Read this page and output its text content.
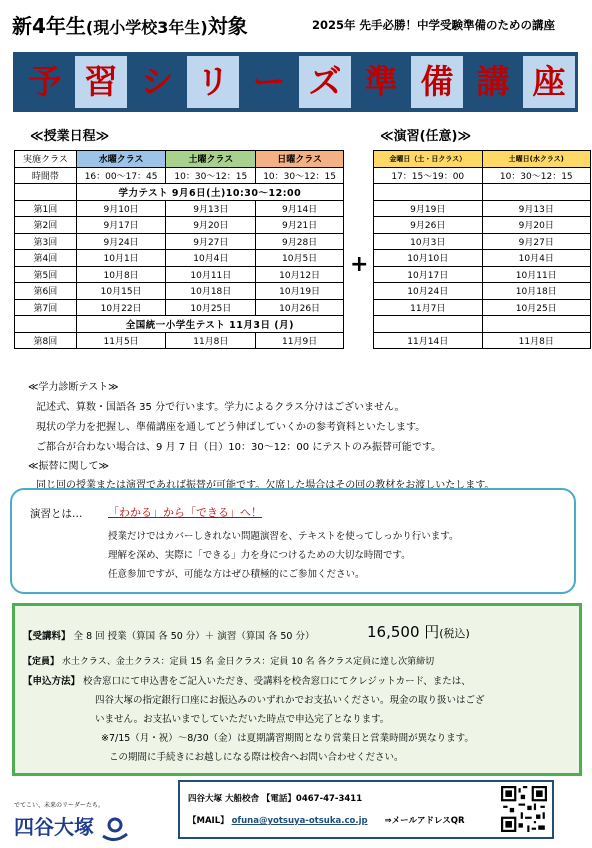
新4年生(現小学校3年生)対象	2025年 先手必勝！中学受験準備のための講座
予 習 シ リ ー ズ 準 備 講 座
≪授業日程≫	≪演習(任意)≫
実施クラス	水曜クラス	土曜クラス	日曜クラス
時間帯	16：00～17：45	10：30～12：15	10：30～12：15
	学力テスト 9月6日(土)10:30～12:00		
第1回	9月10日	9月13日	9月14日
第2回	9月17日	9月20日	9月21日
第3回	9月24日	9月27日	9月28日
第4回	10月1日	10月4日	10月5日
第5回	10月8日	10月11日	10月12日
第6回	10月15日	10月18日	10月19日
第7回	10月22日	10月25日	10月26日
	全国統一小学生テスト 11月3日 (月)		
第8回	11月5日	11月8日	11月9日
+
金曜日（土・日クラス）	土曜日(水クラス)
17：15～19：00	10：30～12：15

9月19日	9月13日
9月26日	9月20日
10月3日	9月27日
10月10日	10月4日
10月17日	10月11日
10月24日	10月18日
11月7日	10月25日

11月14日	11月8日
≪学力診断テスト≫
記述式、算数・国語各 35 分で行います。学力によるクラス分けはございません。
現状の学力を把握し、準備講座を通してどう伸ばしていくかの参考資料といたします。
ご都合が合わない場合は、9 月 7 日（日）10：30～12：00 にテストのみ振替可能です。
≪振替に関して≫
同じ回の授業または演習であれば振替が可能です。欠席した場合はその回の教材をお渡しいたします。
演習とは… 「わかる」から「できる」へ！
授業だけではカバーしきれない問題演習を、テキストを使ってしっかり行います。
理解を深め、実際に「できる」力を身につけるための大切な時間です。
任意参加ですが、可能な方はぜひ積極的にご参加ください。
【受講料】 全 8 回 授業（算国 各 50 分）＋ 演習（算国 各 50 分）	16,500 円(税込)
【定員】 水土クラス、金土クラス：定員 15 名 金日クラス：定員 10 名 各クラス定員に達し次第締切
【申込方法】 校舎窓口にて申込書をご記入いただき、受講料を校舎窓口にてクレジットカード、または、
四谷大塚の指定銀行口座にお振込みのいずれかでお支払いください。現金の取り扱いはござ
いません。お支払いまでしていただいた時点で申込完了となります。
※7/15（月・祝）～8/30（金）は夏期講習期間となり営業日と営業時間が異なります。
この期間に手続きにお越しになる際は校舎へお問い合わせください。
でてこい、未来のリーダーたち。
四谷大塚
四谷大塚 大船校舎 【電話】0467-47-3411
【MAIL】 ofuna@yotsuya-otsuka.co.jp ⇒メールアドレスQR
